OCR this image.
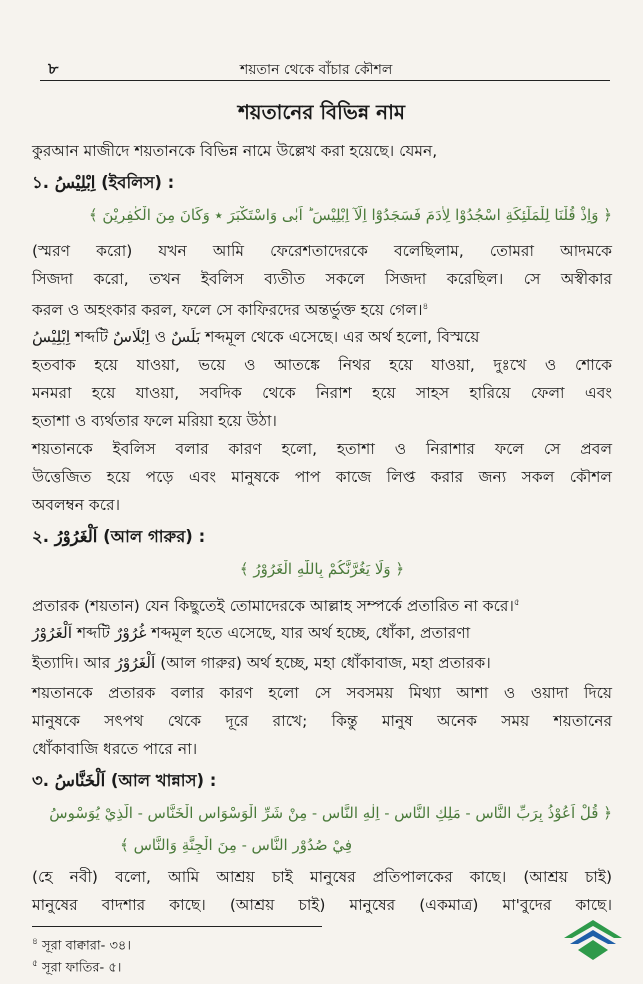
৮	শয়তান থেকে বাঁচার কৌশল
শয়তানের বিভিন্ন নাম
কুরআন মাজীদে শয়তানকে বিভিন্ন নামে উল্লেখ করা হয়েছে। যেমন,
১. اِبْلِيْسُ (ইবলিস) :
﴿ وَاِذْ قُلْنَا لِلْمَلٰٓئِكَةِ اسْجُدُوْا لِاٰدَمَ فَسَجَدُوْٓا اِلَّآ اِبْلِيْسَ ؕ اَبٰى وَاسْتَكْبَرَ ٭ وَكَانَ مِنَ الْكٰفِرِيْنَ ﴾
(স্মরণ করো) যখন আমি ফেরেশতাদেরকে বলেছিলাম, তোমরা আদমকে
সিজদা করো, তখন ইবলিস ব্যতীত সকলে সিজদা করেছিল। সে অস্বীকার
করল ও অহংকার করল, ফলে সে কাফিরদের অন্তর্ভুক্ত হয়ে গেল।$^৪$
اِبْلِيْسُ শব্দটি اِبْلَاسٌ ও بَلَسٌ শব্দমূল থেকে এসেছে। এর অর্থ হলো, বিস্ময়ে
হতবাক হয়ে যাওয়া, ভয়ে ও আতঙ্কে নিথর হয়ে যাওয়া, দুঃখে ও শোকে
মনমরা হয়ে যাওয়া, সবদিক থেকে নিরাশ হয়ে সাহস হারিয়ে ফেলা এবং
হতাশা ও ব্যর্থতার ফলে মরিয়া হয়ে উঠা।
শয়তানকে ইবলিস বলার কারণ হলো, হতাশা ও নিরাশার ফলে সে প্রবল
উত্তেজিত হয়ে পড়ে এবং মানুষকে পাপ কাজে লিপ্ত করার জন্য সকল কৌশল
অবলম্বন করে।
২. اَلْغَرُوْرُ (আল গারুর) :
﴿ وَلَا يَغُرَّنَّكُمْ بِاللّٰهِ الْغَرُوْرُ ﴾
প্রতারক (শয়তান) যেন কিছুতেই তোমাদেরকে আল্লাহ সম্পর্কে প্রতারিত না করে।$^৫$
اَلْغَرُوْرُ শব্দটি غُرُوْرٌ শব্দমূল হতে এসেছে, যার অর্থ হচ্ছে, ধোঁকা, প্রতারণা
ইত্যাদি। আর اَلْغَرُوْرُ (আল গারুর) অর্থ হচ্ছে, মহা ধোঁকাবাজ, মহা প্রতারক।
শয়তানকে প্রতারক বলার কারণ হলো সে সবসময় মিথ্যা আশা ও ওয়াদা দিয়ে
মানুষকে সৎপথ থেকে দূরে রাখে; কিন্তু মানুষ অনেক সময় শয়তানের
ধোঁকাবাজি ধরতে পারে না।
৩. اَلْخَنَّاسُ (আল খান্নাস) :
﴿ قُلْ اَعُوْذُ بِرَبِّ النَّاسِ - مَلِكِ النَّاسِ - اِلٰهِ النَّاسِ - مِنْ شَرِّ الْوَسْوَاسِ الْخَنَّاسِ - الَّذِيْ يُوَسْوِسُ
فِيْ صُدُوْرِ النَّاسِ - مِنَ الْجِنَّةِ وَالنَّاسِ ﴾
(হে নবী) বলো, আমি আশ্রয় চাই মানুষের প্রতিপালকের কাছে। (আশ্রয় চাই)
মানুষের বাদশার কাছে। (আশ্রয় চাই) মানুষের (একমাত্র) মা'বুদের কাছে।
$^৪$ সূরা বাক্বারা- ৩৪।
$^৫$ সূরা ফাতির- ৫।
